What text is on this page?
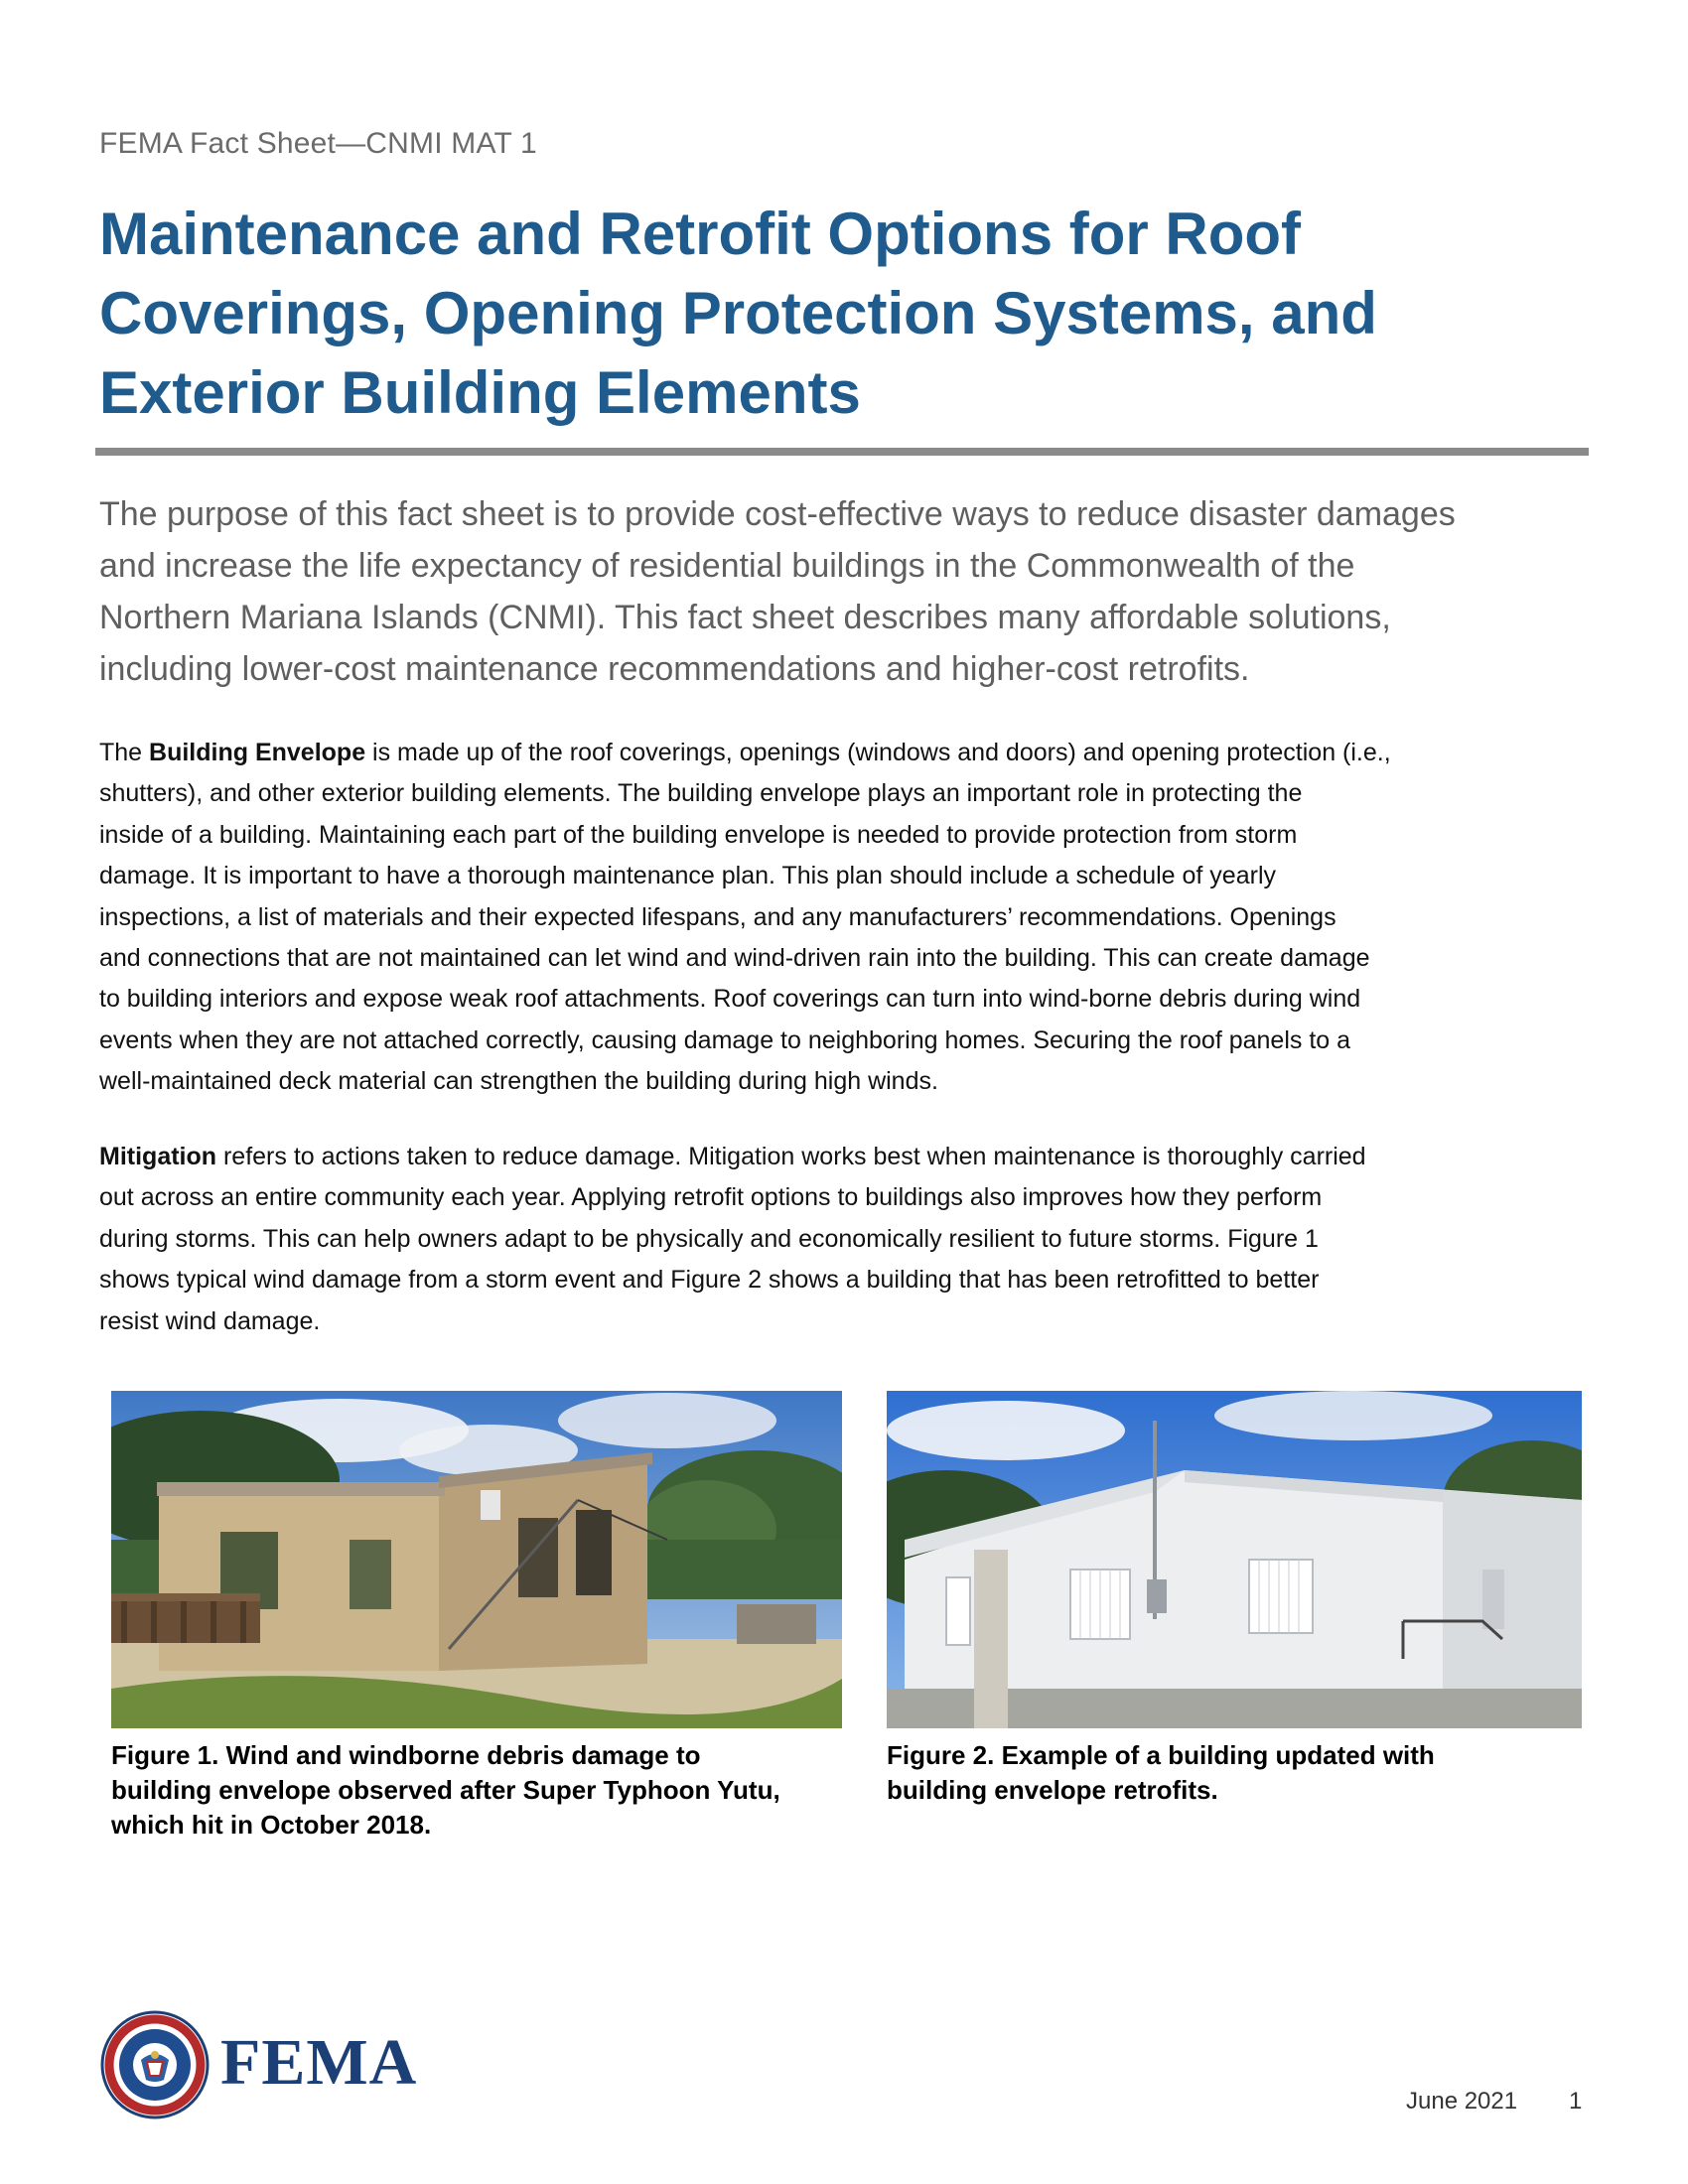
FEMA Fact Sheet—CNMI MAT 1
Maintenance and Retrofit Options for Roof
Coverings, Opening Protection Systems, and
Exterior Building Elements
The purpose of this fact sheet is to provide cost-effective ways to reduce disaster damages
and increase the life expectancy of residential buildings in the Commonwealth of the
Northern Mariana Islands (CNMI). This fact sheet describes many affordable solutions,
including lower-cost maintenance recommendations and higher-cost retrofits.
The Building Envelope is made up of the roof coverings, openings (windows and doors) and opening protection (i.e.,
shutters), and other exterior building elements. The building envelope plays an important role in protecting the
inside of a building. Maintaining each part of the building envelope is needed to provide protection from storm
damage. It is important to have a thorough maintenance plan. This plan should include a schedule of yearly
inspections, a list of materials and their expected lifespans, and any manufacturers’ recommendations. Openings
and connections that are not maintained can let wind and wind-driven rain into the building. This can create damage
to building interiors and expose weak roof attachments. Roof coverings can turn into wind-borne debris during wind
events when they are not attached correctly, causing damage to neighboring homes. Securing the roof panels to a
well-maintained deck material can strengthen the building during high winds.
Mitigation refers to actions taken to reduce damage. Mitigation works best when maintenance is thoroughly carried
out across an entire community each year. Applying retrofit options to buildings also improves how they perform
during storms. This can help owners adapt to be physically and economically resilient to future storms. Figure 1
shows typical wind damage from a storm event and Figure 2 shows a building that has been retrofitted to better
resist wind damage.
Figure 1. Wind and windborne debris damage to
building envelope observed after Super Typhoon Yutu,
which hit in October 2018.
Figure 2. Example of a building updated with
building envelope retrofits.
FEMA
June 2021 1
